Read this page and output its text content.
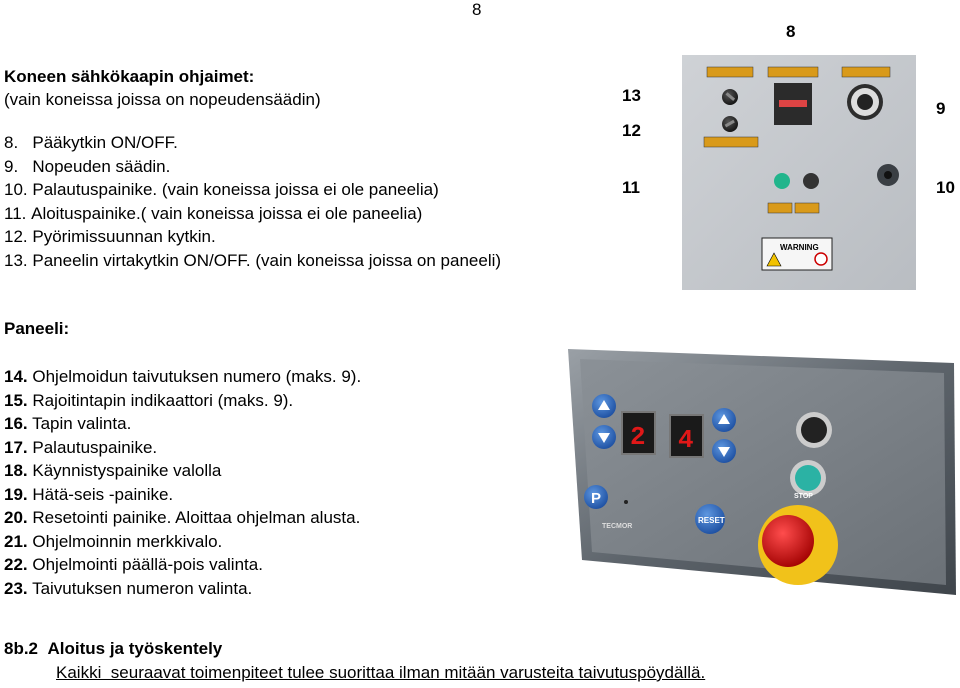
8
Koneen sähkökaapin ohjaimet:
(vain koneissa joissa on nopeudensäädin)
8. Pääkytkin ON/OFF.
9. Nopeuden säädin.
10. Palautuspainike. (vain koneissa joissa ei ole paneelia)
11. Aloituspainike.( vain koneissa joissa ei ole paneelia)
12. Pyörimissuunnan kytkin.
13. Paneelin virtakytkin ON/OFF. (vain koneissa joissa on paneeli)
8
9
10
11
12
13
WARNING
Paneeli:
14. Ohjelmoidun taivutuksen numero (maks. 9).
15. Rajoitintapin indikaattori (maks. 9).
16. Tapin valinta.
17. Palautuspainike.
18. Käynnistyspainike valolla
19. Hätä-seis -painike.
20. Resetointi painike. Aloittaa ohjelman alusta.
21. Ohjelmoinnin merkkivalo.
22. Ohjelmointi päällä-pois valinta.
23. Taivutuksen numeron valinta.
P
2 4
RESET
TECMOR
STOP
8b.2 Aloitus ja työskentely
Kaikki  seuraavat toimenpiteet tulee suorittaa ilman mitään varusteita taivutuspöydällä.
